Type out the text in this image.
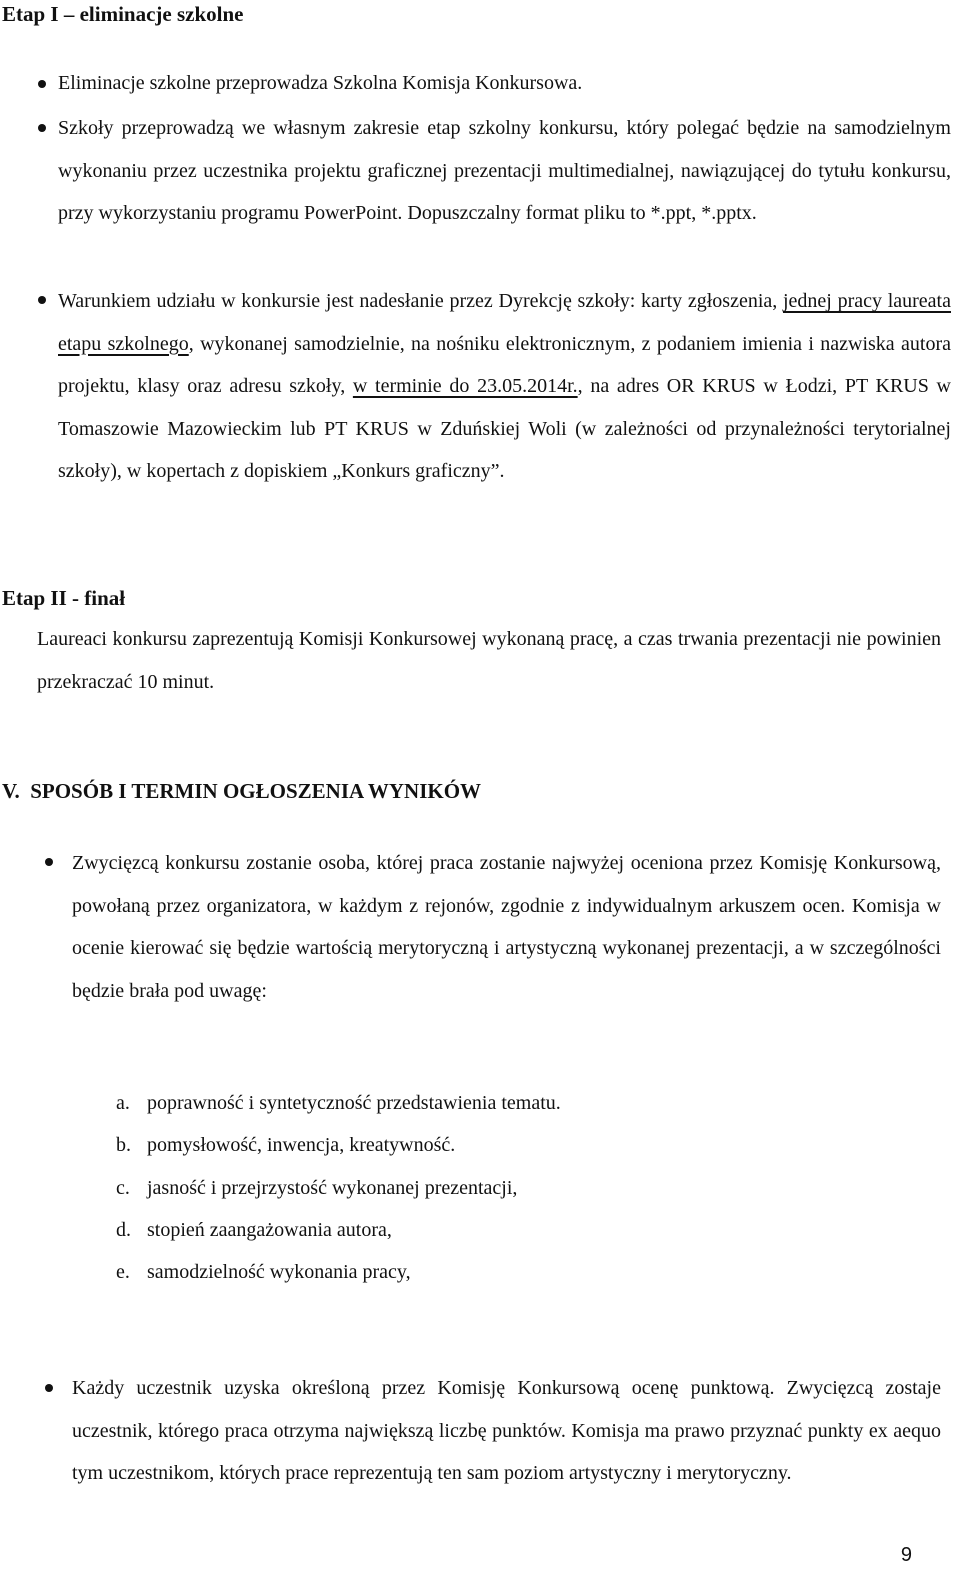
Etap I – eliminacje szkolne
Eliminacje szkolne przeprowadza Szkolna Komisja Konkursowa.
Szkoły przeprowadzą we własnym zakresie etap szkolny konkursu, który polegać będzie na samodzielnym wykonaniu przez uczestnika projektu graficznej prezentacji multimedialnej, nawiązującej do tytułu konkursu, przy wykorzystaniu programu PowerPoint. Dopuszczalny format pliku to *.ppt, *.pptx.
Warunkiem udziału w konkursie jest nadesłanie przez Dyrekcję szkoły: karty zgłoszenia, jednej pracy laureata etapu szkolnego, wykonanej samodzielnie, na nośniku elektronicznym, z podaniem imienia i nazwiska autora projektu, klasy oraz adresu szkoły, w terminie do 23.05.2014r., na adres OR KRUS w Łodzi, PT KRUS w Tomaszowie Mazowieckim lub PT KRUS w Zduńskiej Woli (w zależności od przynależności terytorialnej szkoły), w kopertach z dopiskiem „Konkurs graficzny”.
Etap II - finał
Laureaci konkursu zaprezentują Komisji Konkursowej wykonaną pracę, a czas trwania prezentacji nie powinien przekraczać 10 minut.
V.  SPOSÓB I TERMIN OGŁOSZENIA WYNIKÓW
Zwycięzcą konkursu zostanie osoba, której praca zostanie najwyżej oceniona przez Komisję Konkursową, powołaną przez organizatora, w każdym z rejonów, zgodnie z indywidualnym arkuszem ocen. Komisja w ocenie kierować się będzie wartością merytoryczną i artystyczną wykonanej prezentacji, a w szczególności będzie brała pod uwagę:
a. poprawność i syntetyczność przedstawienia tematu.
b. pomysłowość, inwencja, kreatywność.
c. jasność i przejrzystość wykonanej prezentacji,
d. stopień zaangażowania autora,
e. samodzielność wykonania pracy,
Każdy uczestnik uzyska określoną przez Komisję Konkursową ocenę punktową. Zwycięzcą zostaje uczestnik, którego praca otrzyma największą liczbę punktów. Komisja ma prawo przyznać punkty ex aequo tym uczestnikom, których prace reprezentują ten sam poziom artystyczny i merytoryczny.
9
